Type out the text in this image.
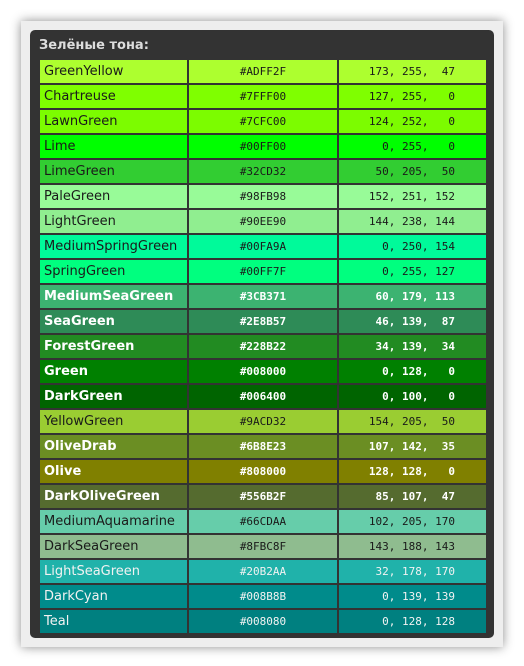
Зелёные тона:
GreenYellow	#ADFF2F	173, 255,  47
Chartreuse	#7FFF00	127, 255,   0
LawnGreen	#7CFC00	124, 252,   0
Lime	#00FF00	0, 255,   0
LimeGreen	#32CD32	50, 205,  50
PaleGreen	#98FB98	152, 251, 152
LightGreen	#90EE90	144, 238, 144
MediumSpringGreen	#00FA9A	0, 250, 154
SpringGreen	#00FF7F	0, 255, 127
MediumSeaGreen	#3CB371	60, 179, 113
SeaGreen	#2E8B57	46, 139,  87
ForestGreen	#228B22	34, 139,  34
Green	#008000	0, 128,   0
DarkGreen	#006400	0, 100,   0
YellowGreen	#9ACD32	154, 205,  50
OliveDrab	#6B8E23	107, 142,  35
Olive	#808000	128, 128,   0
DarkOliveGreen	#556B2F	85, 107,  47
MediumAquamarine	#66CDAA	102, 205, 170
DarkSeaGreen	#8FBC8F	143, 188, 143
LightSeaGreen	#20B2AA	32, 178, 170
DarkCyan	#008B8B	0, 139, 139
Teal	#008080	0, 128, 128
